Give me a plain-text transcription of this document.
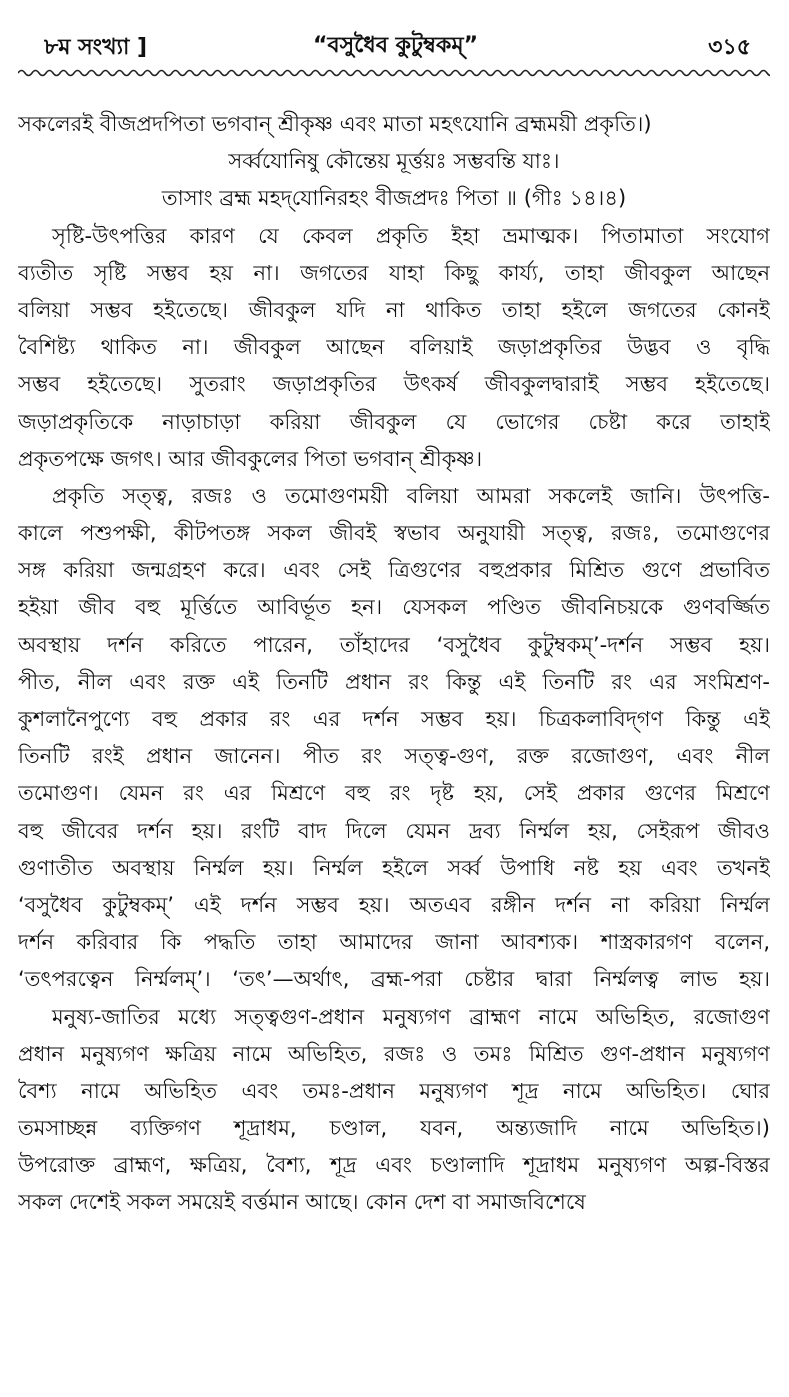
৮ম সংখ্যা ]	“বসুধৈব কুটুম্বকম্”	৩১৫
সকলেরই বীজপ্রদপিতা ভগবান্ শ্রীকৃষ্ণ এবং মাতা মহৎযোনি ব্রহ্মময়ী প্রকৃতি।)
সর্ব্বযোনিষু কৌন্তেয় মূর্ত্তয়ঃ সম্ভবন্তি যাঃ।
তাসাং ব্রহ্ম মহদ্‌যোনিরহং বীজপ্রদঃ পিতা ॥ (গীঃ ১৪।৪)
সৃষ্টি-উৎপত্তির কারণ যে কেবল প্রকৃতি ইহা ভ্রমাত্মক। পিতামাতা সংযোগ
ব্যতীত সৃষ্টি সম্ভব হয় না। জগতের যাহা কিছু কার্য্য, তাহা জীবকুল আছেন
বলিয়া সম্ভব হইতেছে। জীবকুল যদি না থাকিত তাহা হইলে জগতের কোনই
বৈশিষ্ট্য থাকিত না। জীবকুল আছেন বলিয়াই জড়াপ্রকৃতির উদ্ভব ও বৃদ্ধি
সম্ভব হইতেছে। সুতরাং জড়াপ্রকৃতির উৎকর্ষ জীবকুলদ্বারাই সম্ভব হইতেছে।
জড়াপ্রকৃতিকে নাড়াচাড়া করিয়া জীবকুল যে ভোগের চেষ্টা করে তাহাই
প্রকৃতপক্ষে জগৎ। আর জীবকুলের পিতা ভগবান্ শ্রীকৃষ্ণ।
প্রকৃতি সত্ত্ব, রজঃ ও তমোগুণময়ী বলিয়া আমরা সকলেই জানি। উৎপত্তি-
কালে পশুপক্ষী, কীটপতঙ্গ সকল জীবই স্বভাব অনুযায়ী সত্ত্ব, রজঃ, তমোগুণের
সঙ্গ করিয়া জন্মগ্রহণ করে। এবং সেই ত্রিগুণের বহুপ্রকার মিশ্রিত গুণে প্রভাবিত
হইয়া জীব বহু মূর্ত্তিতে আবির্ভূত হন। যেসকল পণ্ডিত জীবনিচয়কে গুণবর্জ্জিত
অবস্থায় দর্শন করিতে পারেন, তাঁহাদের ‘বসুধৈব কুটুম্বকম্’-দর্শন সম্ভব হয়।
পীত, নীল এবং রক্ত এই তিনটি প্রধান রং কিন্তু এই তিনটি রং এর সংমিশ্রণ-
কুশলানৈপুণ্যে বহু প্রকার রং এর দর্শন সম্ভব হয়। চিত্রকলাবিদ্‌গণ কিন্তু এই
তিনটি রংই প্রধান জানেন। পীত রং সত্ত্ব-গুণ, রক্ত রজোগুণ, এবং নীল
তমোগুণ। যেমন রং এর মিশ্রণে বহু রং দৃষ্ট হয়, সেই প্রকার গুণের মিশ্রণে
বহু জীবের দর্শন হয়। রংটি বাদ দিলে যেমন দ্রব্য নির্ম্মল হয়, সেইরূপ জীবও
গুণাতীত অবস্থায় নির্ম্মল হয়। নির্ম্মল হইলে সর্ব্ব উপাধি নষ্ট হয় এবং তখনই
‘বসুধৈব কুটুম্বকম্’ এই দর্শন সম্ভব হয়। অতএব রঙ্গীন দর্শন না করিয়া নির্ম্মল
দর্শন করিবার কি পদ্ধতি তাহা আমাদের জানা আবশ্যক। শাস্ত্রকারগণ বলেন,
‘তৎপরত্বেন নির্ম্মলম্’। ‘তৎ’—অর্থাৎ, ব্রহ্ম-পরা চেষ্টার দ্বারা নির্ম্মলত্ব লাভ হয়।
মনুষ্য-জাতির মধ্যে সত্ত্বগুণ-প্রধান মনুষ্যগণ ব্রাহ্মণ নামে অভিহিত, রজোগুণ
প্রধান মনুষ্যগণ ক্ষত্রিয় নামে অভিহিত, রজঃ ও তমঃ মিশ্রিত গুণ-প্রধান মনুষ্যগণ
বৈশ্য নামে অভিহিত এবং তমঃ-প্রধান মনুষ্যগণ শূদ্র নামে অভিহিত। ঘোর
তমসাচ্ছন্ন ব্যক্তিগণ শূদ্রাধম, চণ্ডাল, যবন, অন্ত্যজাদি নামে অভিহিত।)
উপরোক্ত ব্রাহ্মণ, ক্ষত্রিয়, বৈশ্য, শূদ্র এবং চণ্ডালাদি শূদ্রাধম মনুষ্যগণ অল্প-বিস্তর
সকল দেশেই সকল সময়েই বর্ত্তমান আছে। কোন দেশ বা সমাজবিশেষে
